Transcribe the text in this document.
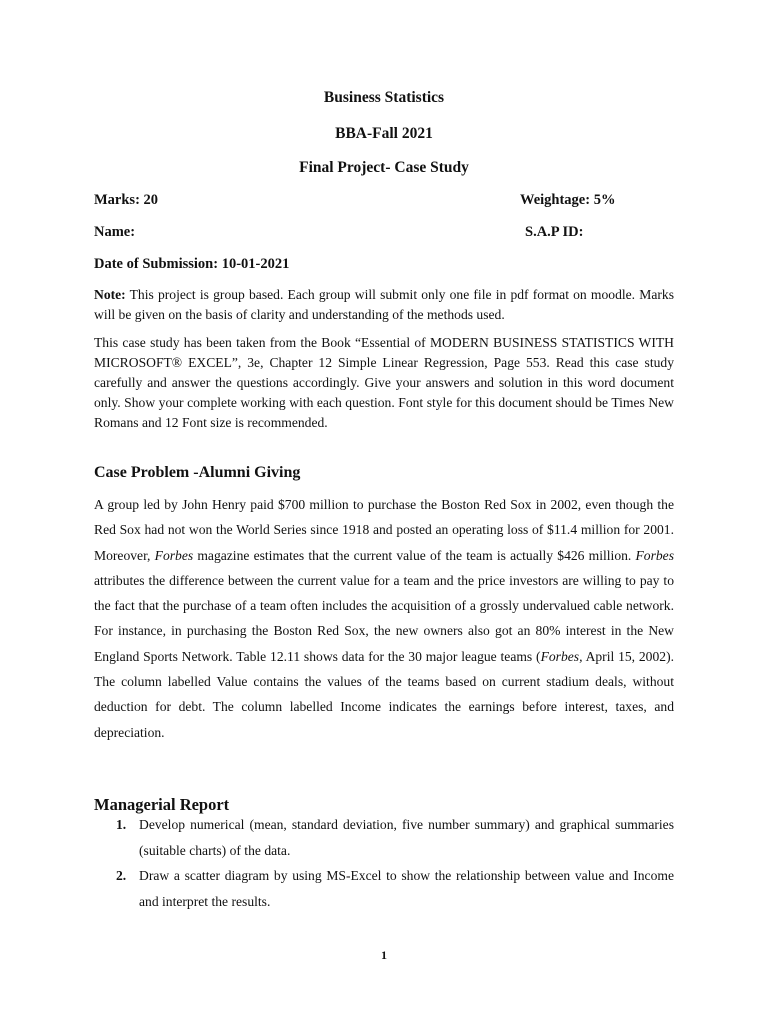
Business Statistics
BBA-Fall 2021
Final Project- Case Study
Marks: 20	Weightage: 5%
Name:	S.A.P ID:
Date of Submission: 10-01-2021
Note: This project is group based. Each group will submit only one file in pdf format on moodle. Marks will be given on the basis of clarity and understanding of the methods used.
This case study has been taken from the Book “Essential of MODERN BUSINESS STATISTICS WITH MICROSOFT® EXCEL”, 3e, Chapter 12 Simple Linear Regression, Page 553. Read this case study carefully and answer the questions accordingly. Give your answers and solution in this word document only. Show your complete working with each question. Font style for this document should be Times New Romans and 12 Font size is recommended.
Case Problem -Alumni Giving
A group led by John Henry paid $700 million to purchase the Boston Red Sox in 2002, even though the Red Sox had not won the World Series since 1918 and posted an operating loss of $11.4 million for 2001. Moreover, Forbes magazine estimates that the current value of the team is actually $426 million. Forbes attributes the difference between the current value for a team and the price investors are willing to pay to the fact that the purchase of a team often includes the acquisition of a grossly undervalued cable network. For instance, in purchasing the Boston Red Sox, the new owners also got an 80% interest in the New England Sports Network. Table 12.11 shows data for the 30 major league teams (Forbes, April 15, 2002). The column labelled Value contains the values of the teams based on current stadium deals, without deduction for debt. The column labelled Income indicates the earnings before interest, taxes, and depreciation.
Managerial Report
1. Develop numerical (mean, standard deviation, five number summary) and graphical summaries (suitable charts) of the data.
2. Draw a scatter diagram by using MS-Excel to show the relationship between value and Income and interpret the results.
1
